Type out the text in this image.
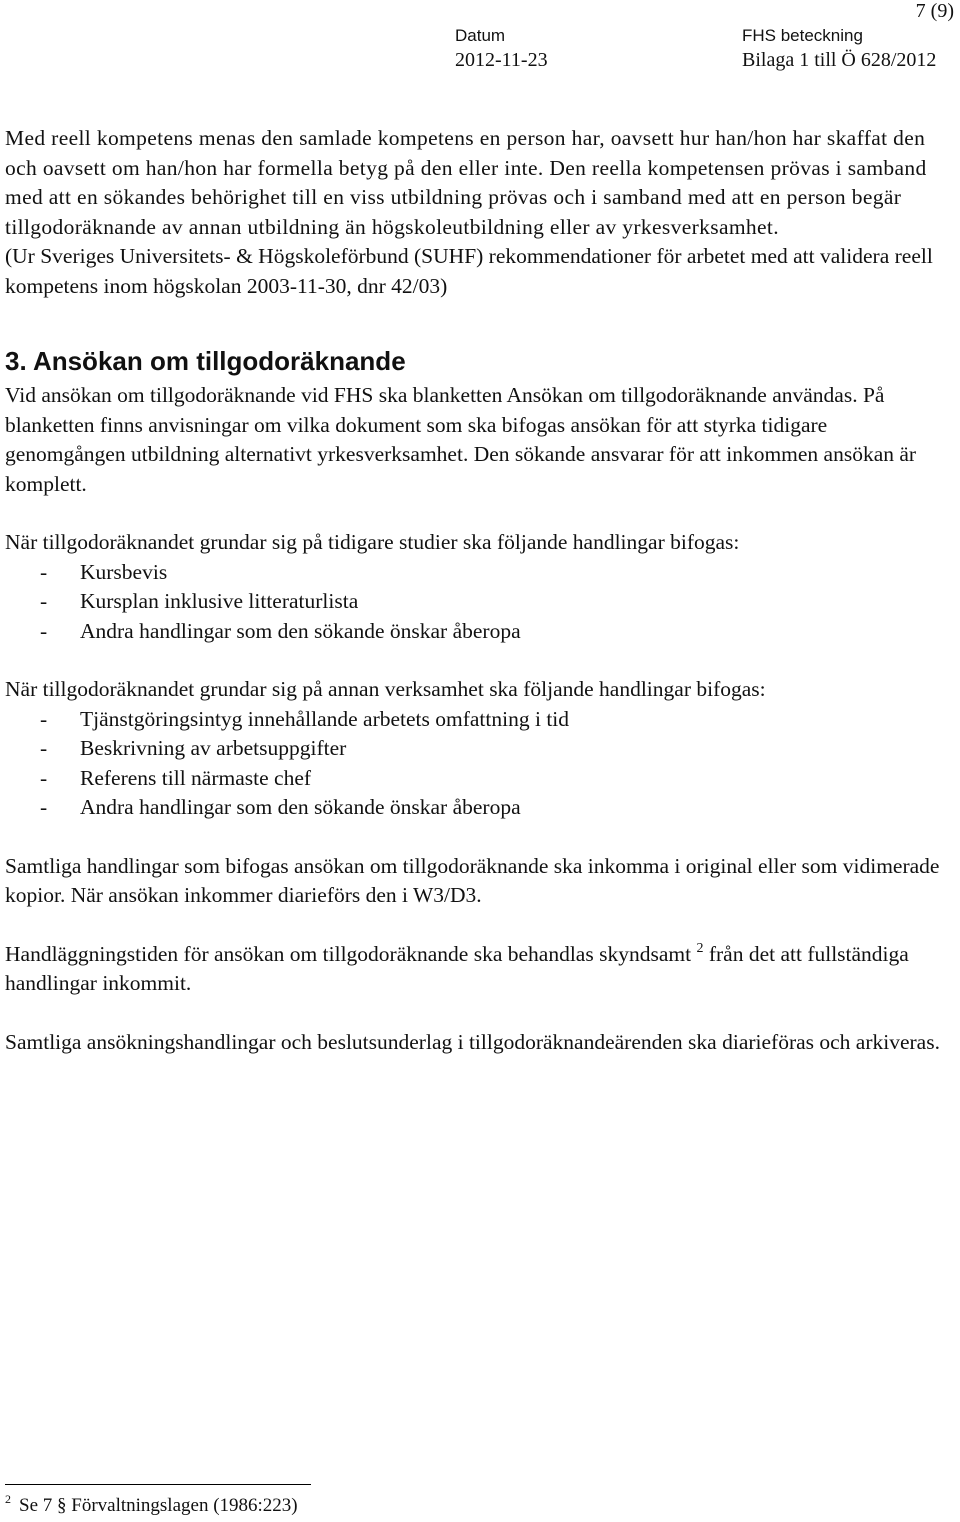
7 (9)
Datum
2012-11-23
FHS beteckning
Bilaga 1 till Ö 628/2012

Med reell kompetens menas den samlade kompetens en person har, oavsett hur han/hon har skaffat den och oavsett om han/hon har formella betyg på den eller inte. Den reella kompetensen prövas i samband med att en sökandes behörighet till en viss utbildning prövas och i samband med att en person begär tillgodoräknande av annan utbildning än högskoleutbildning eller av yrkesverksamhet.

(Ur Sveriges Universitets- & Högskoleförbund (SUHF) rekommendationer för arbetet med att validera reell kompetens inom högskolan 2003-11-30, dnr 42/03)

3. Ansökan om tillgodoräknande

Vid ansökan om tillgodoräknande vid FHS ska blanketten Ansökan om tillgodoräknande användas. På blanketten finns anvisningar om vilka dokument som ska bifogas ansökan för att styrka tidigare genomgången utbildning alternativt yrkesverksamhet. Den sökande ansvarar för att inkommen ansökan är komplett.

När tillgodoräknandet grundar sig på tidigare studier ska följande handlingar bifogas:

- Kursbevis
- Kursplan inklusive litteraturlista
- Andra handlingar som den sökande önskar åberopa

När tillgodoräknandet grundar sig på annan verksamhet ska följande handlingar bifogas:

- Tjänstgöringsintyg innehållande arbetets omfattning i tid
- Beskrivning av arbetsuppgifter
- Referens till närmaste chef
- Andra handlingar som den sökande önskar åberopa

Samtliga handlingar som bifogas ansökan om tillgodoräknande ska inkomma i original eller som vidimerade kopior. När ansökan inkommer diarieförs den i W3/D3.

Handläggningstiden för ansökan om tillgodoräknande ska behandlas skyndsamt $^2$ från det att fullständiga handlingar inkommit.

Samtliga ansökningshandlingar och beslutsunderlag i tillgodoräknandeärenden ska diarieföras och arkiveras.

$^2$ Se 7 § Förvaltningslagen (1986:223)
